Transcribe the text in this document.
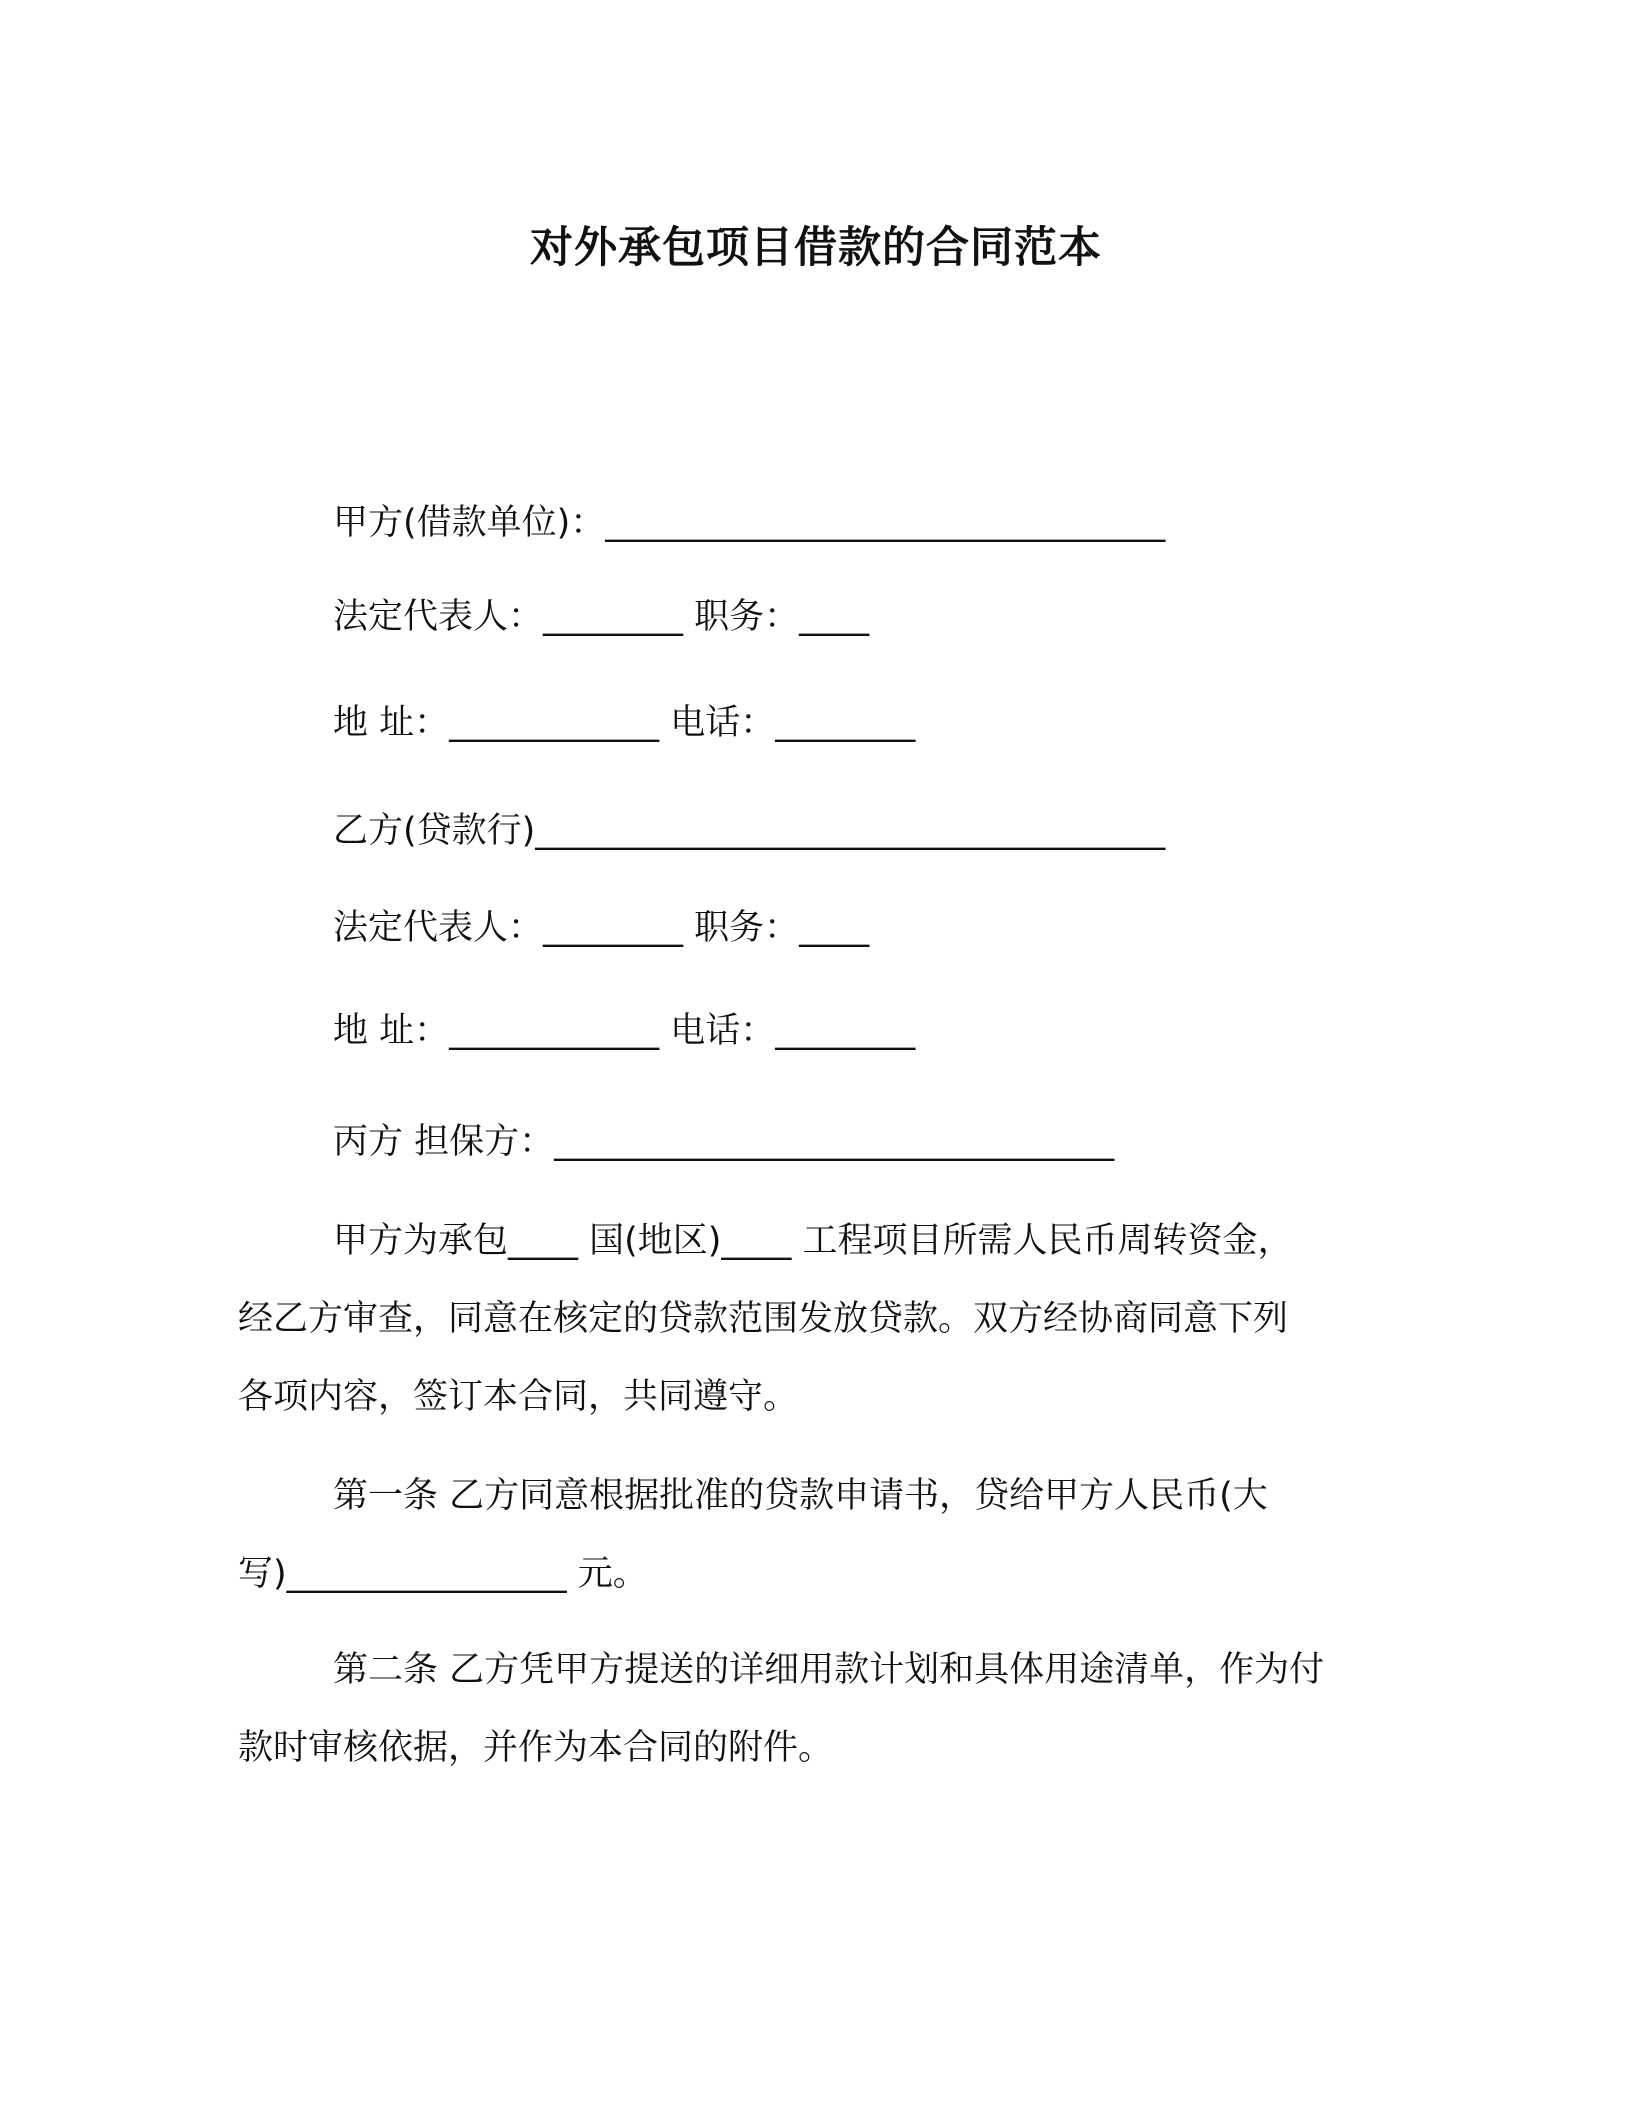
对外承包项目借款的合同范本
甲方(借款单位)：________________________________
法定代表人：________ 职务：____
地 址：____________ 电话：________
乙方(贷款行)____________________________________
法定代表人：________ 职务：____
地 址：____________ 电话：________
丙方 担保方：________________________________

甲方为承包____ 国(地区)____ 工程项目所需人民币周转资金，

经乙方审查，同意在核定的贷款范围发放贷款。双方经协商同意下列

各项内容，签订本合同，共同遵守。

第一条 乙方同意根据批准的贷款申请书，贷给甲方人民币(大

写)________________ 元。

第二条 乙方凭甲方提送的详细用款计划和具体用途清单，作为付

款时审核依据，并作为本合同的附件。
